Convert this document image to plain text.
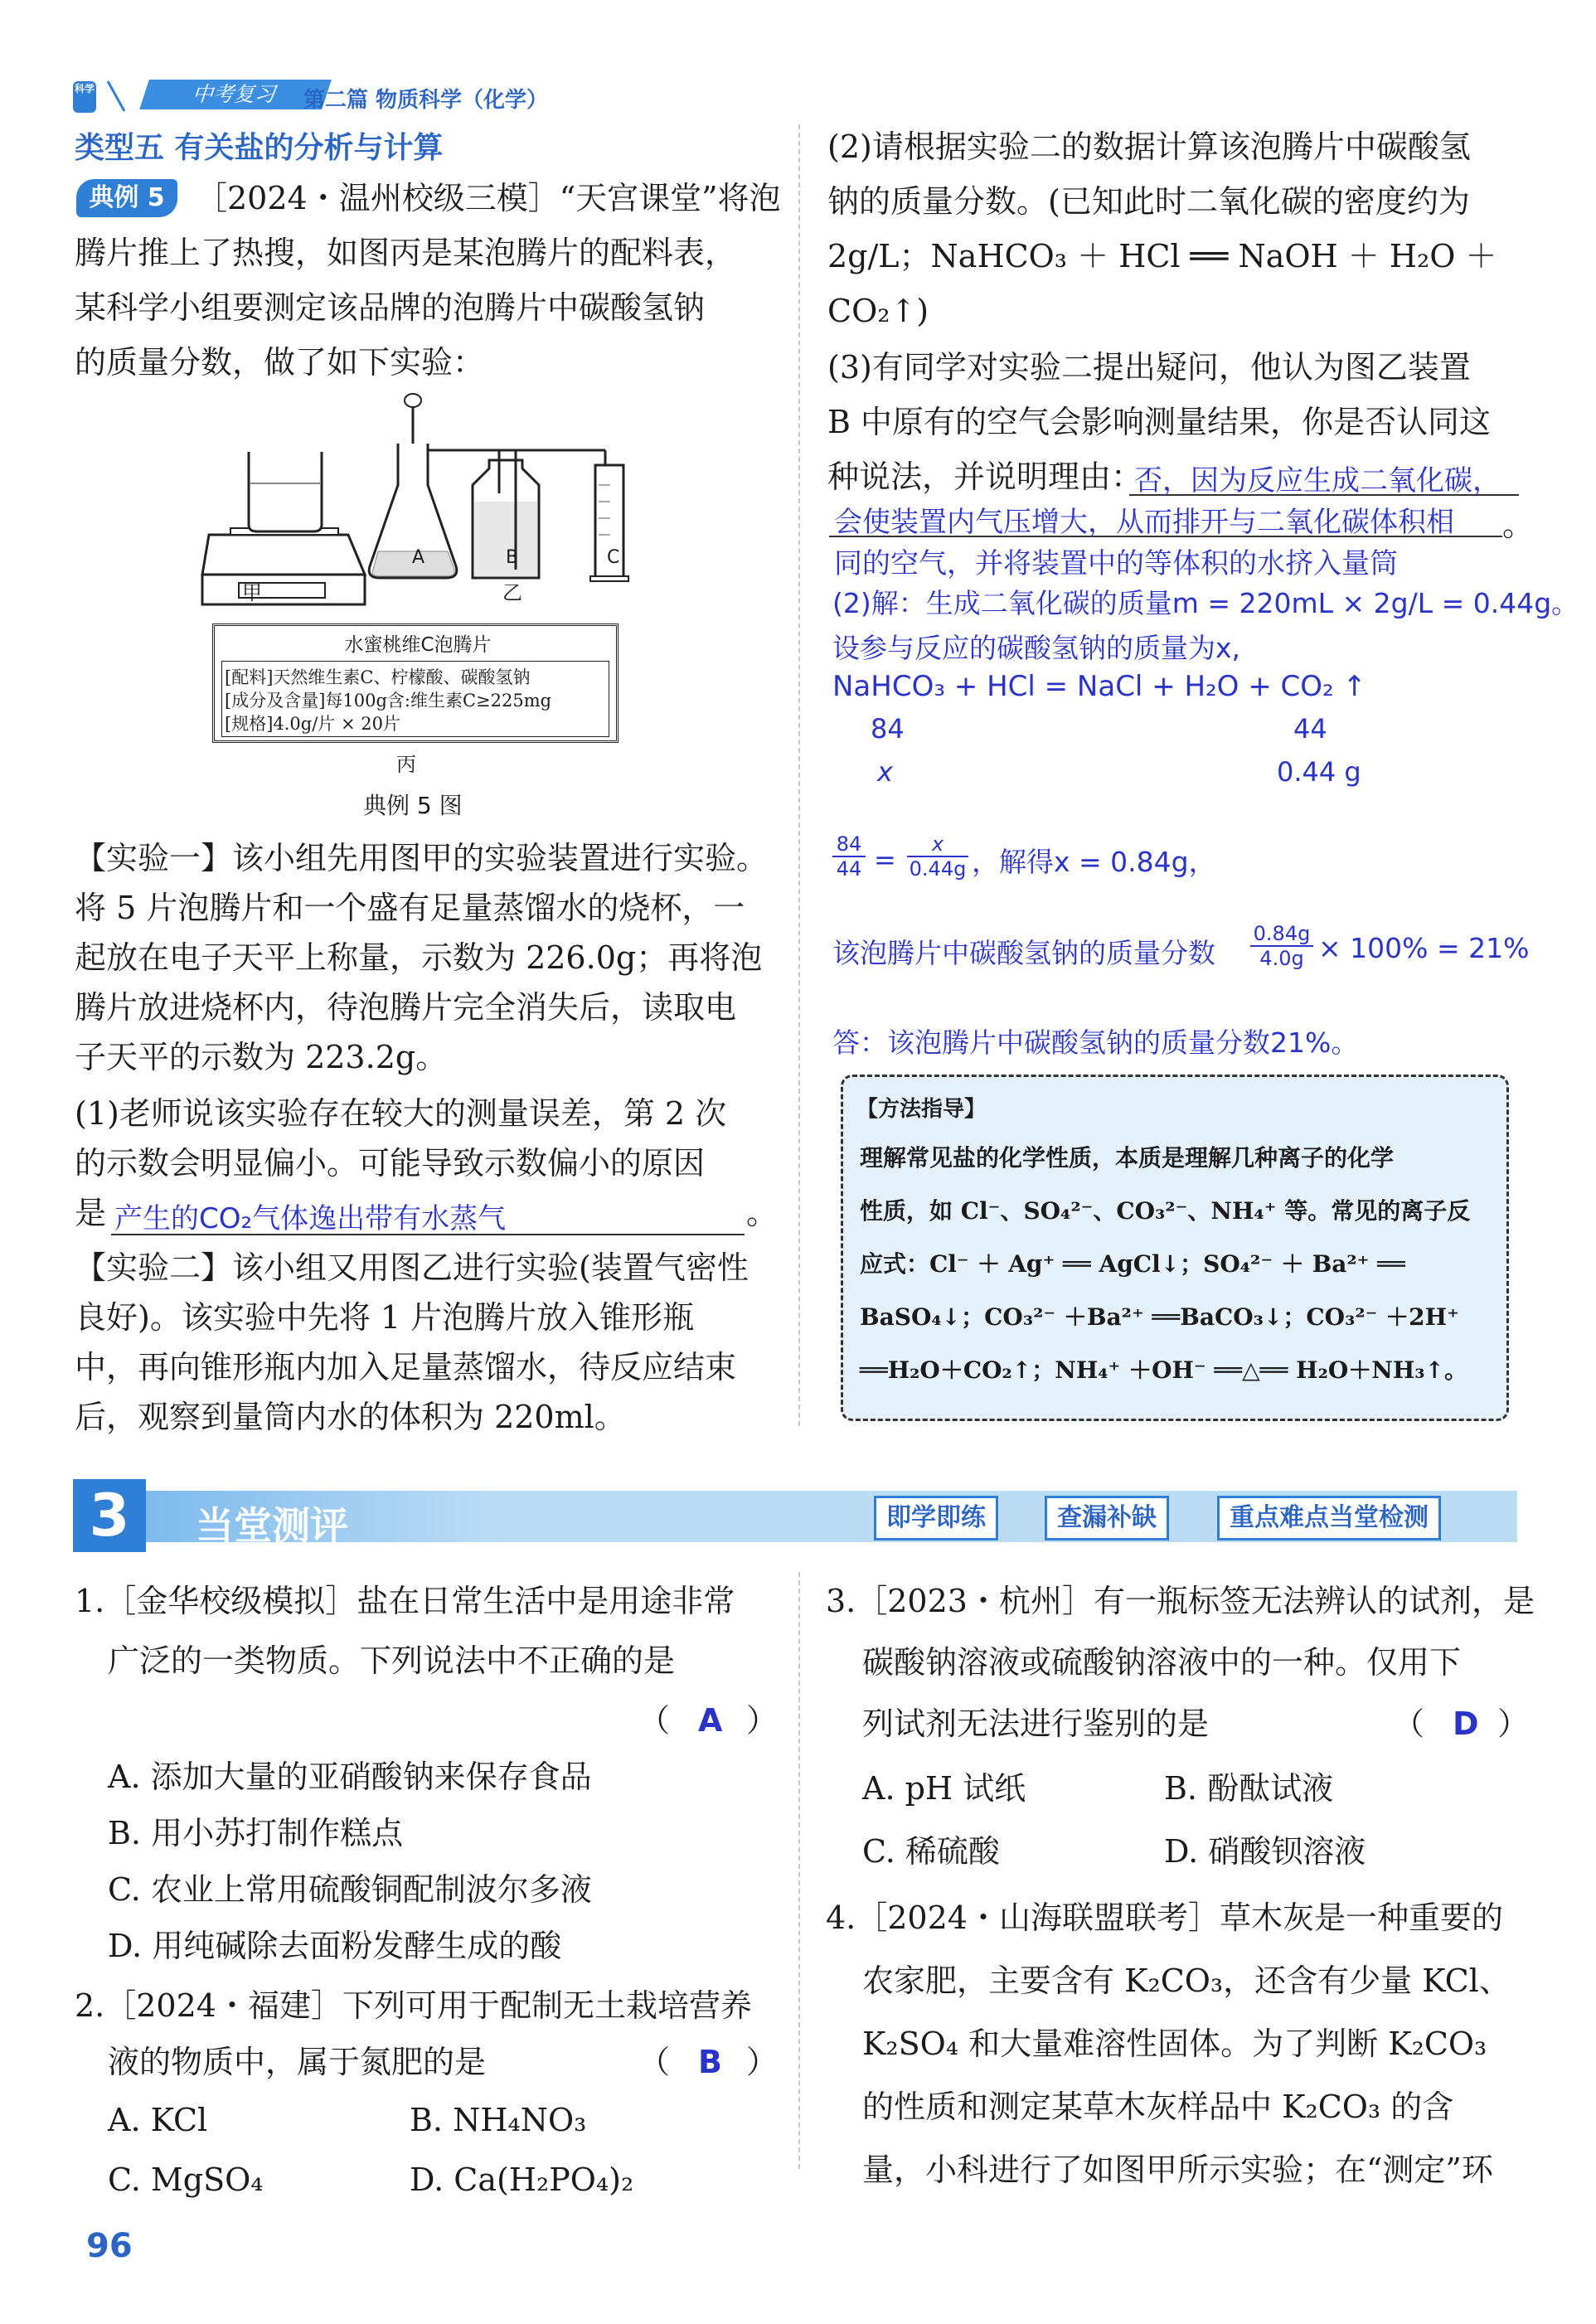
科学	中考复习	第二篇 物质科学（化学）
类型五 有关盐的分析与计算
典例 5 ［2024・温州校级三模］“天宫课堂”将泡
腾片推上了热搜，如图丙是某泡腾片的配料表，
某科学小组要测定该品牌的泡腾片中碳酸氢钠
的质量分数，做了如下实验：
A	B	C
甲	乙
水蜜桃维C泡腾片
[配料]天然维生素C、柠檬酸、碳酸氢钠
[成分及含量]每100g含:维生素C≥225mg
[规格]4.0g/片 × 20片
丙
典例 5 图
【实验一】该小组先用图甲的实验装置进行实验。
将 5 片泡腾片和一个盛有足量蒸馏水的烧杯，一
起放在电子天平上称量，示数为 226.0g；再将泡
腾片放进烧杯内，待泡腾片完全消失后，读取电
子天平的示数为 223.2g。
(1)老师说该实验存在较大的测量误差，第 2 次
的示数会明显偏小。可能导致示数偏小的原因
是 产生的CO₂气体逸出带有水蒸气	。
【实验二】该小组又用图乙进行实验(装置气密性
良好)。该实验中先将 1 片泡腾片放入锥形瓶
中，再向锥形瓶内加入足量蒸馏水，待反应结束
后，观察到量筒内水的体积为 220ml。
(2)请根据实验二的数据计算该泡腾片中碳酸氢
钠的质量分数。(已知此时二氧化碳的密度约为
2g/L；NaHCO₃ ＋ HCl ══ NaOH ＋ H₂O ＋
CO₂↑)
(3)有同学对实验二提出疑问，他认为图乙装置
B 中原有的空气会影响测量结果，你是否认同这
种说法，并说明理由：
否，因为反应生成二氧化碳，
会使装置内气压增大，从而排开与二氧化碳体积相 。
同的空气，并将装置中的等体积的水挤入量筒
(2)解：生成二氧化碳的质量m = 220mL × 2g/L = 0.44g。
设参与反应的碳酸氢钠的质量为x,
NaHCO₃ + HCl = NaCl + H₂O + CO₂ ↑
84	44
x	0.44 g
84
44 =	x
0.44g ，解得x = 0.84g，
该泡腾片中碳酸氢钠的质量分数
0.84g
4.0g × 100% = 21%
答：该泡腾片中碳酸氢钠的质量分数21%。
【方法指导】
理解常见盐的化学性质，本质是理解几种离子的化学
性质，如 Cl⁻、SO₄²⁻、CO₃²⁻、NH₄⁺ 等。常见的离子反
应式：Cl⁻ ＋ Ag⁺ ══ AgCl↓；SO₄²⁻ ＋ Ba²⁺ ══
BaSO₄↓；CO₃²⁻ ＋Ba²⁺ ══BaCO₃↓；CO₃²⁻ ＋2H⁺
══H₂O＋CO₂↑；NH₄⁺ ＋OH⁻ ══△══ H₂O＋NH₃↑。
3	当堂测评	即学即练	查漏补缺	重点难点当堂检测
1.［金华校级模拟］盐在日常生活中是用途非常
广泛的一类物质。下列说法中不正确的是
（ A ）
A. 添加大量的亚硝酸钠来保存食品
B. 用小苏打制作糕点
C. 农业上常用硫酸铜配制波尔多液
D. 用纯碱除去面粉发酵生成的酸
2.［2024・福建］下列可用于配制无土栽培营养
液的物质中，属于氮肥的是	（ B ）
A. KCl	B. NH₄NO₃
C. MgSO₄	D. Ca(H₂PO₄)₂
3.［2023・杭州］有一瓶标签无法辨认的试剂，是
碳酸钠溶液或硫酸钠溶液中的一种。仅用下
列试剂无法进行鉴别的是	（ D ）
A. pH 试纸	B. 酚酞试液
C. 稀硫酸	D. 硝酸钡溶液
4.［2024・山海联盟联考］草木灰是一种重要的
农家肥，主要含有 K₂CO₃，还含有少量 KCl、
K₂SO₄ 和大量难溶性固体。为了判断 K₂CO₃
的性质和测定某草木灰样品中 K₂CO₃ 的含
量，小科进行了如图甲所示实验；在“测定”环
96
